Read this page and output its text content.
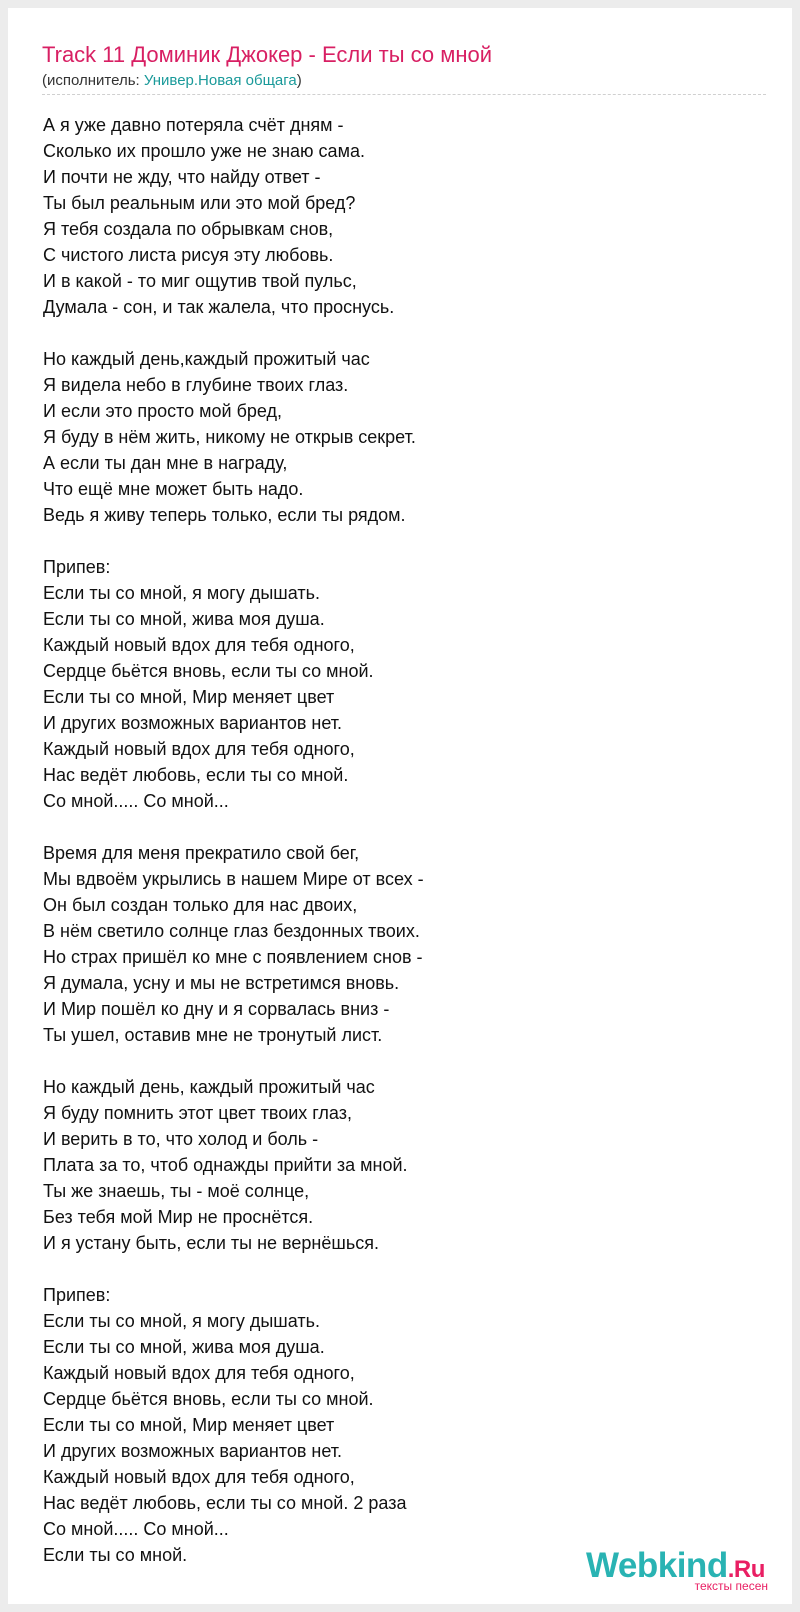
Track 11 Доминик Джокер - Если ты со мной
(исполнитель: Универ.Новая общага)
А я уже давно потеряла счёт дням -
Сколько их прошло уже не знаю сама.
И почти не жду, что найду ответ -
Ты был реальным или это мой бред?
Я тебя создала по обрывкам снов,
С чистого листа рисуя эту любовь.
И в какой - то миг ощутив твой пульс,
Думала - сон, и так жалела, что проснусь.
Но каждый день,каждый прожитый час
Я видела небо в глубине твоих глаз.
И если это просто мой бред,
Я буду в нём жить, никому не открыв секрет.
А если ты дан мне в награду,
Что ещё мне может быть надо.
Ведь я живу теперь только, если ты рядом.
Припев:
Если ты со мной, я могу дышать.
Если ты со мной, жива моя душа.
Каждый новый вдох для тебя одного,
Сердце бьётся вновь, если ты со мной.
Если ты со мной, Мир меняет цвет
И других возможных вариантов нет.
Каждый новый вдох для тебя одного,
Нас ведёт любовь, если ты со мной.
Со мной..... Со мной...
Время для меня прекратило свой бег,
Мы вдвоём укрылись в нашем Мире от всех -
Он был создан только для нас двоих,
В нём светило солнце глаз бездонных твоих.
Но страх пришёл ко мне с появлением снов -
Я думала, усну и мы не встретимся вновь.
И Мир пошёл ко дну и я сорвалась вниз -
Ты ушел, оставив мне не тронутый лист.
Но каждый день, каждый прожитый час
Я буду помнить этот цвет твоих глаз,
И верить в то, что холод и боль -
Плата за то, чтоб однажды прийти за мной.
Ты же знаешь, ты - моё солнце,
Без тебя мой Мир не проснётся.
И я устану быть, если ты не вернёшься.
Припев:
Если ты со мной, я могу дышать.
Если ты со мной, жива моя душа.
Каждый новый вдох для тебя одного,
Сердце бьётся вновь, если ты со мной.
Если ты со мной, Мир меняет цвет
И других возможных вариантов нет.
Каждый новый вдох для тебя одного,
Нас ведёт любовь, если ты со мной. 2 раза
Со мной..... Со мной...
Если ты со мной.	Webkind.Ru
тексты песен
